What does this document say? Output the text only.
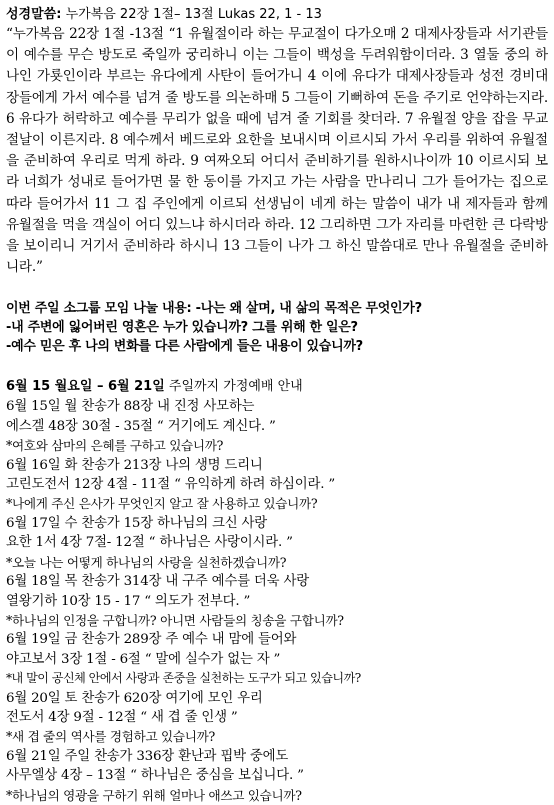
성경말씀: 누가복음 22장 1절– 13절 Lukas 22, 1 - 13

“누가복음 22장 1절 -13절 “1 유월절이라 하는 무교절이 다가오매 2 대제사장들과 서기관들이 예수를 무슨 방도로 죽일까 궁리하니 이는 그들이 백성을 두려워함이더라. 3 열둘 중의 하나인 가룟인이라 부르는 유다에게 사탄이 들어가니 4 이에 유다가 대제사장들과 성전 경비대장들에게 가서 예수를 넘겨 줄 방도를 의논하매 5 그들이 기뻐하여 돈을 주기로 언약하는지라. 6 유다가 허락하고 예수를 무리가 없을 때에 넘겨 줄 기회를 찾더라. 7 유월절 양을 잡을 무교절날이 이른지라. 8 예수께서 베드로와 요한을 보내시며 이르시되 가서 우리를 위하여 유월절을 준비하여 우리로 먹게 하라. 9 여짜오되 어디서 준비하기를 원하시나이까 10 이르시되 보라 너희가 성내로 들어가면 물 한 동이를 가지고 가는 사람을 만나리니 그가 들어가는 집으로 따라 들어가서 11 그 집 주인에게 이르되 선생님이 네게 하는 말씀이 내가 내 제자들과 함께 유월절을 먹을 객실이 어디 있느냐 하시더라 하라. 12 그리하면 그가 자리를 마련한 큰 다락방을 보이리니 거기서 준비하라 하시니 13 그들이 나가 그 하신 말씀대로 만나 유월절을 준비하니라.”

이번 주일 소그룹 모임 나눌 내용: -나는 왜 살며, 내 삶의 목적은 무엇인가?
-내 주변에 잃어버린 영혼은 누가 있습니까? 그를 위해 한 일은?
-예수 믿은 후 나의 변화를 다른 사람에게 들은 내용이 있습니까?
6월 15 월요일 – 6월 21일 주일까지 가정예배 안내
6월 15일 월 찬송가 88장 내 진정 사모하는
에스겔 48장 30절 - 35절 “ 거기에도 계신다. ”
*여호와 삼마의 은혜를 구하고 있습니까?
6월 16일 화 찬송가 213장 나의 생명 드리니
고린도전서 12장 4절 - 11절 “ 유익하게 하려 하심이라. ”
*나에게 주신 은사가 무엇인지 알고 잘 사용하고 있습니까?
6월 17일 수 찬송가 15장 하나님의 크신 사랑
요한 1서 4장 7절- 12절 “ 하나님은 사랑이시라. ”
*오늘 나는 어떻게 하나님의 사랑을 실천하겠습니까?
6월 18일 목 찬송가 314장 내 구주 예수를 더욱 사랑
열왕기하 10장 15 - 17 “ 의도가 전부다. ”
*하나님의 인정을 구합니까? 아니면 사람들의 칭송을 구합니까?
6월 19일 금 찬송가 289장 주 예수 내 맘에 들어와
야고보서 3장 1절 - 6절 “ 말에 실수가 없는 자 ”
*내 말이 공신체 안에서 사랑과 존중을 실천하는 도구가 되고 있습니까?
6월 20일 토 찬송가 620장 여기에 모인 우리
전도서 4장 9절 - 12절 “ 새 겹 줄 인생 ”
*새 겹 줄의 역사를 경험하고 있습니까?
6월 21일 주일 찬송가 336장 환난과 핍박 중에도
사무엘상 4장 – 13절 “ 하나님은 중심을 보십니다. ”
*하나님의 영광을 구하기 위해 얼마나 애쓰고 있습니까?
